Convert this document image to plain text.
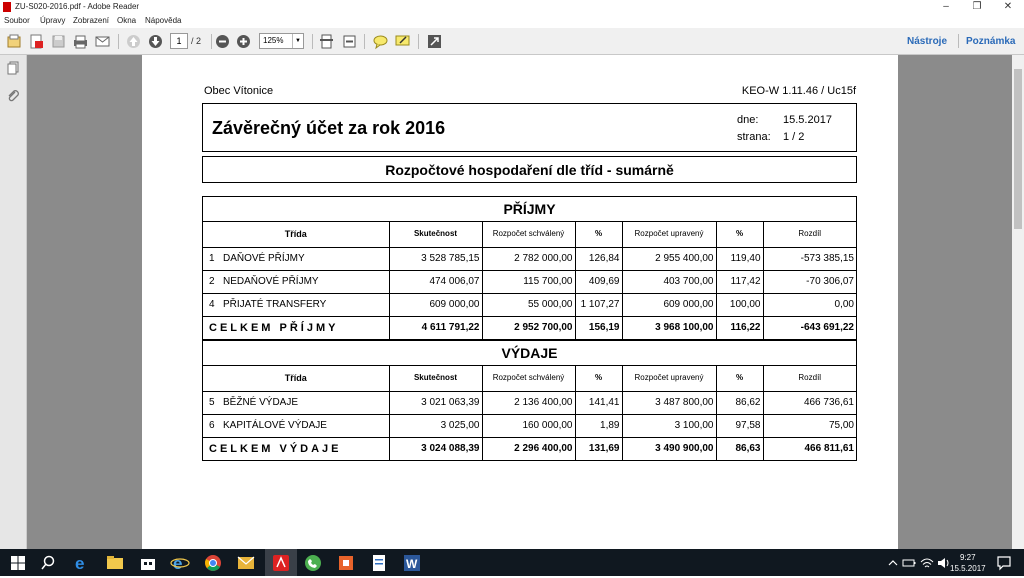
ZU-S020-2016.pdf - Adobe Reader	–	❐	✕
Soubor Úpravy Zobrazení Okna Nápověda
1	/ 2	125%	▼	Nástroje Poznámka
Obec Vítonice	KEO-W 1.11.46 / Uc15f
Závěrečný účet za rok 2016	dne: 15.5.2017
strana: 1 / 2
Rozpočtové hospodaření dle tříd - sumárně
PŘÍJMY
Třída	Skutečnost	Rozpočet schválený	%	Rozpočet upravený	%	Rozdíl
1 DAŇOVÉ PŘÍJMY	3 528 785,15	2 782 000,00	126,84	2 955 400,00	119,40	-573 385,15
2 NEDAŇOVÉ PŘÍJMY	474 006,07	115 700,00	409,69	403 700,00	117,42	-70 306,07
4 PŘIJATÉ TRANSFERY	609 000,00	55 000,00	1 107,27	609 000,00	100,00	0,00
CELKEM PŘÍJMY	4 611 791,22	2 952 700,00	156,19	3 968 100,00	116,22	-643 691,22
VÝDAJE
Třída	Skutečnost	Rozpočet schválený	%	Rozpočet upravený	%	Rozdíl
5 BĚŽNÉ VÝDAJE	3 021 063,39	2 136 400,00	141,41	3 487 800,00	86,62	466 736,61
6 KAPITÁLOVÉ VÝDAJE	3 025,00	160 000,00	1,89	3 100,00	97,58	75,00
CELKEM VÝDAJE	3 024 088,39	2 296 400,00	131,69	3 490 900,00	86,63	466 811,61
e	e	W	9:27
15.5.2017
